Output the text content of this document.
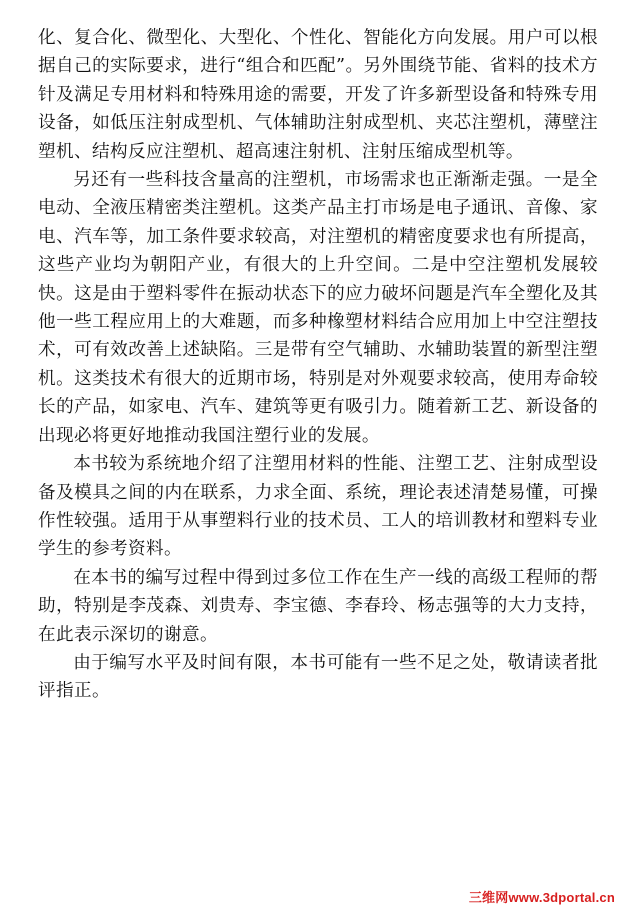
化、复合化、微型化、大型化、个性化、智能化方向发展。用户可以根据自己的实际要求，进行“组合和匹配”。另外围绕节能、省料的技术方针及满足专用材料和特殊用途的需要，开发了许多新型设备和特殊专用设备，如低压注射成型机、气体辅助注射成型机、夹芯注塑机，薄壁注塑机、结构反应注塑机、超高速注射机、注射压缩成型机等。

另还有一些科技含量高的注塑机，市场需求也正渐渐走强。一是全电动、全液压精密类注塑机。这类产品主打市场是电子通讯、音像、家电、汽车等，加工条件要求较高，对注塑机的精密度要求也有所提高，这些产业均为朝阳产业，有很大的上升空间。二是中空注塑机发展较快。这是由于塑料零件在振动状态下的应力破坏问题是汽车全塑化及其他一些工程应用上的大难题，而多种橡塑材料结合应用加上中空注塑技术，可有效改善上述缺陷。三是带有空气辅助、水辅助装置的新型注塑机。这类技术有很大的近期市场，特别是对外观要求较高，使用寿命较长的产品，如家电、汽车、建筑等更有吸引力。随着新工艺、新设备的出现必将更好地推动我国注塑行业的发展。

本书较为系统地介绍了注塑用材料的性能、注塑工艺、注射成型设备及模具之间的内在联系，力求全面、系统，理论表述清楚易懂，可操作性较强。适用于从事塑料行业的技术员、工人的培训教材和塑料专业学生的参考资料。

在本书的编写过程中得到过多位工作在生产一线的高级工程师的帮助，特别是李茂森、刘贵寿、李宝德、李春玲、杨志强等的大力支持，在此表示深切的谢意。

由于编写水平及时间有限，本书可能有一些不足之处，敬请读者批评指正。

三维网www.3dportal.cn
